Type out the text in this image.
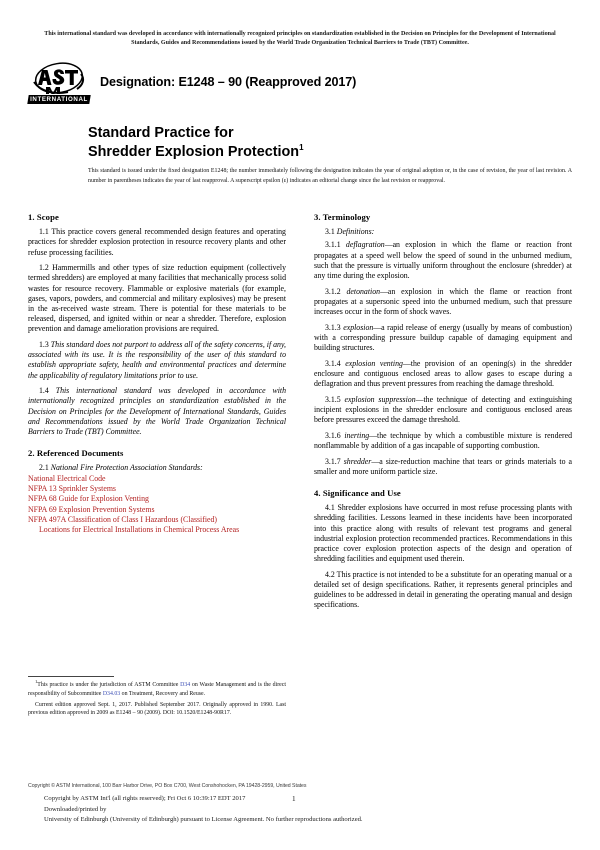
This international standard was developed in accordance with internationally recognized principles on standardization established in the Decision on Principles for the Development of International Standards, Guides and Recommendations issued by the World Trade Organization Technical Barriers to Trade (TBT) Committee.
INTERNATIONAL
Designation: E1248 – 90 (Reapproved 2017)
Standard Practice for
Shredder Explosion Protection$^1$
This standard is issued under the fixed designation E1248; the number immediately following the designation indicates the year of original adoption or, in the case of revision, the year of last revision. A number in parentheses indicates the year of last reapproval. A superscript epsilon (ε) indicates an editorial change since the last revision or reapproval.
1. Scope

1.1 This practice covers general recommended design features and operating practices for shredder explosion protection in resource recovery plants and other refuse processing facilities.

1.2 Hammermills and other types of size reduction equipment (collectively termed shredders) are employed at many facilities that mechanically process solid wastes for resource recovery. Flammable or explosive materials (for example, gases, vapors, powders, and commercial and military explosives) may be present in the as-received waste stream. There is potential for these materials to be released, dispersed, and ignited within or near a shredder. Therefore, explosion prevention and damage amelioration provisions are required.

1.3 This standard does not purport to address all of the safety concerns, if any, associated with its use. It is the responsibility of the user of this standard to establish appropriate safety, health and environmental practices and determine the applicability of regulatory limitations prior to use.

1.4 This international standard was developed in accordance with internationally recognized principles on standardization established in the Decision on Principles for the Development of International Standards, Guides and Recommendations issued by the World Trade Organization Technical Barriers to Trade (TBT) Committee.

2. Referenced Documents

2.1 National Fire Protection Association Standards:

National Electrical Code
NFPA 13 Sprinkler Systems
NFPA 68 Guide for Explosion Venting
NFPA 69 Explosion Prevention Systems
NFPA 497A Classification of Class I Hazardous (Classified)
Locations for Electrical Installations in Chemical Process Areas
3. Terminology

3.1 Definitions:

3.1.1 deflagration—an explosion in which the flame or reaction front propagates at a speed well below the speed of sound in the unburned medium, such that the pressure is virtually uniform throughout the enclosure (shredder) at any time during the explosion.

3.1.2 detonation—an explosion in which the flame or reaction front propagates at a supersonic speed into the unburned medium, such that pressure increases occur in the form of shock waves.

3.1.3 explosion—a rapid release of energy (usually by means of combustion) with a corresponding pressure buildup capable of damaging equipment and building structures.

3.1.4 explosion venting—the provision of an opening(s) in the shredder enclosure and contiguous enclosed areas to allow gases to escape during a deflagration and thus prevent pressures from reaching the damage threshold.

3.1.5 explosion suppression—the technique of detecting and extinguishing incipient explosions in the shredder enclosure and contiguous enclosed areas before pressures exceed the damage threshold.

3.1.6 inerting—the technique by which a combustible mixture is rendered nonflammable by addition of a gas incapable of supporting combustion.

3.1.7 shredder—a size-reduction machine that tears or grinds materials to a smaller and more uniform particle size.

4. Significance and Use

4.1 Shredder explosions have occurred in most refuse processing plants with shredding facilities. Lessons learned in these incidents have been incorporated into this practice along with results of relevant test programs and general industrial explosion protection recommended practices. Recommendations in this practice cover explosion protection aspects of the design and operation of shredding facilities and equipment used therein.

4.2 This practice is not intended to be a substitute for an operating manual or a detailed set of design specifications. Rather, it represents general principles and guidelines to be addressed in detail in generating the operating manual and design specifications.

$^1$This practice is under the jurisdiction of ASTM Committee D34 on Waste Management and is the direct responsibility of Subcommittee D34.03 on Treatment, Recovery and Reuse.

Current edition approved Sept. 1, 2017. Published September 2017. Originally approved in 1990. Last previous edition approved in 2009 as E1248 – 90 (2009). DOI: 10.1520/E1248-90R17.

Copyright © ASTM International, 100 Barr Harbor Drive, PO Box C700, West Conshohocken, PA 19428-2959, United States
Copyright by ASTM Int'l (all rights reserved); Fri Oct 6 10:39:17 EDT 2017
Downloaded/printed by
University of Edinburgh (University of Edinburgh) pursuant to License Agreement. No further reproductions authorized.
1
